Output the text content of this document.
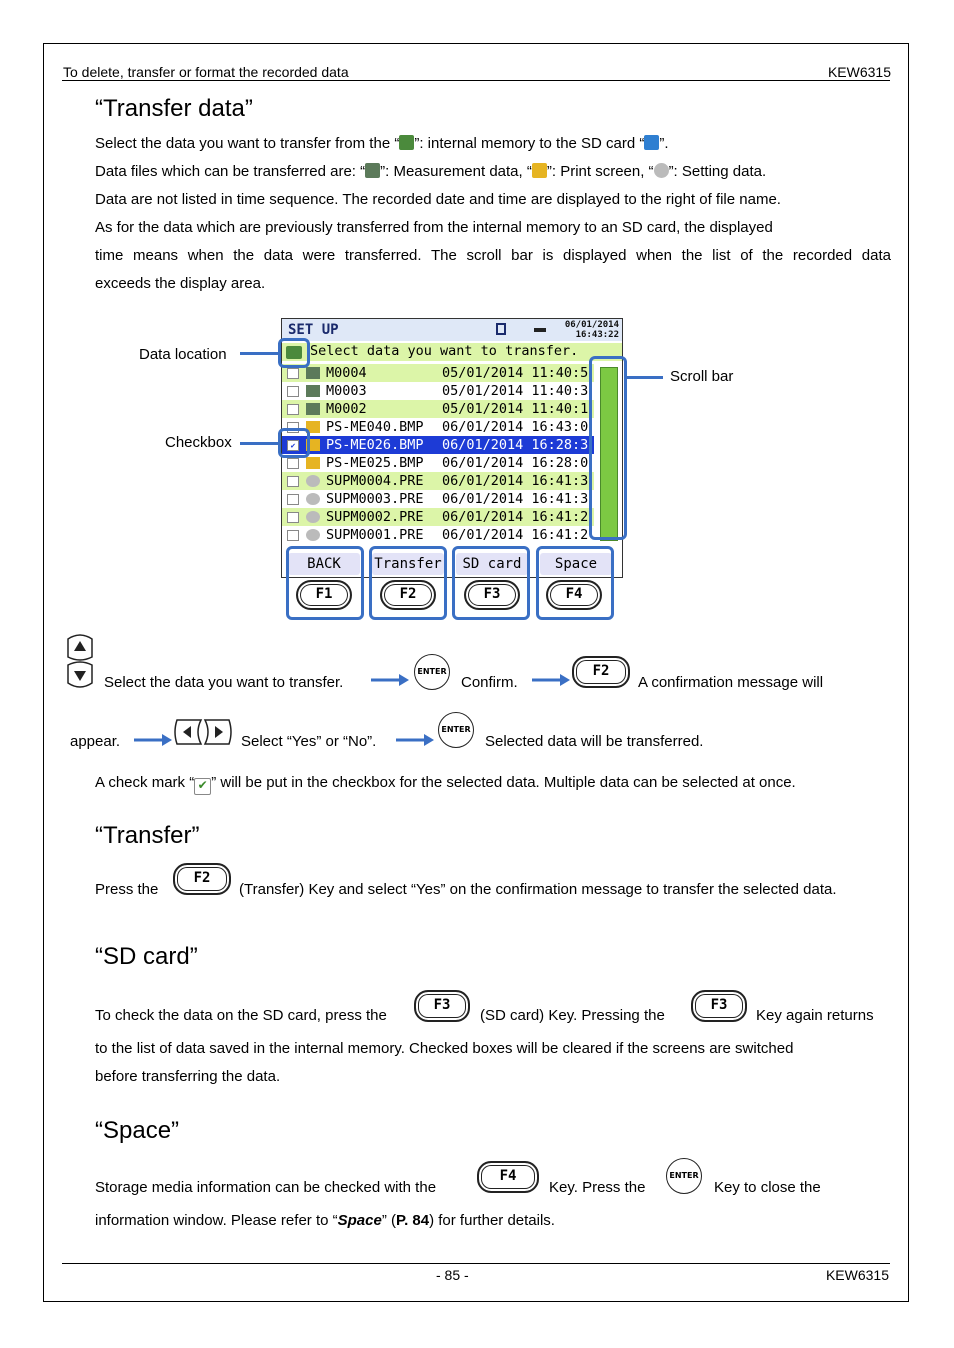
To delete, transfer or format the recorded data	KEW6315
“Transfer data”
Select the data you want to transfer from the “ ”: internal memory to the SD card “ ”.
Data files which can be transferred are: “ ”: Measurement data, “ ”: Print screen, “ ”: Setting data.
Data are not listed in time sequence. The recorded date and time are displayed to the right of file name.
As for the data which are previously transferred from the internal memory to an SD card, the displayed
time means when the data were transferred. The scroll bar is displayed when the list of the recorded data
exceeds the display area.
SET UP	06/01/2014
16:43:22
Select data you want to transfer.
M0004	05/01/2014 11:40:5
M0003	05/01/2014 11:40:3
M0002	05/01/2014 11:40:1
PS-ME040.BMP 06/01/2014 16:43:0
✔ PS-ME026.BMP 06/01/2014 16:28:3
PS-ME025.BMP 06/01/2014 16:28:0
SUPM0004.PRE 06/01/2014 16:41:3
SUPM0003.PRE 06/01/2014 16:41:3
SUPM0002.PRE 06/01/2014 16:41:2
SUPM0001.PRE 06/01/2014 16:41:2
BACK	Transfer	SD card	Space
F1	F2	F3	F4
Data location
Checkbox
Scroll bar
Select the data you want to transfer.
ENTER
Confirm.
F2
A confirmation message will
appear.	Select “Yes” or “No”.
ENTER
Selected data will be transferred.
A check mark “ ✔ ” will be put in the checkbox for the selected data. Multiple data can be selected at once.
“Transfer”
Press the
F2
(Transfer) Key and select “Yes” on the confirmation message to transfer the selected data.
“SD card”
To check the data on the SD card, press the
F3
(SD card) Key. Pressing the
F3
Key again returns
to the list of data saved in the internal memory. Checked boxes will be cleared if the screens are switched
before transferring the data.
“Space”
Storage media information can be checked with the
F4
Key. Press the
ENTER
Key to close the
information window. Please refer to “Space” (P. 84) for further details.
- 85 -	KEW6315
